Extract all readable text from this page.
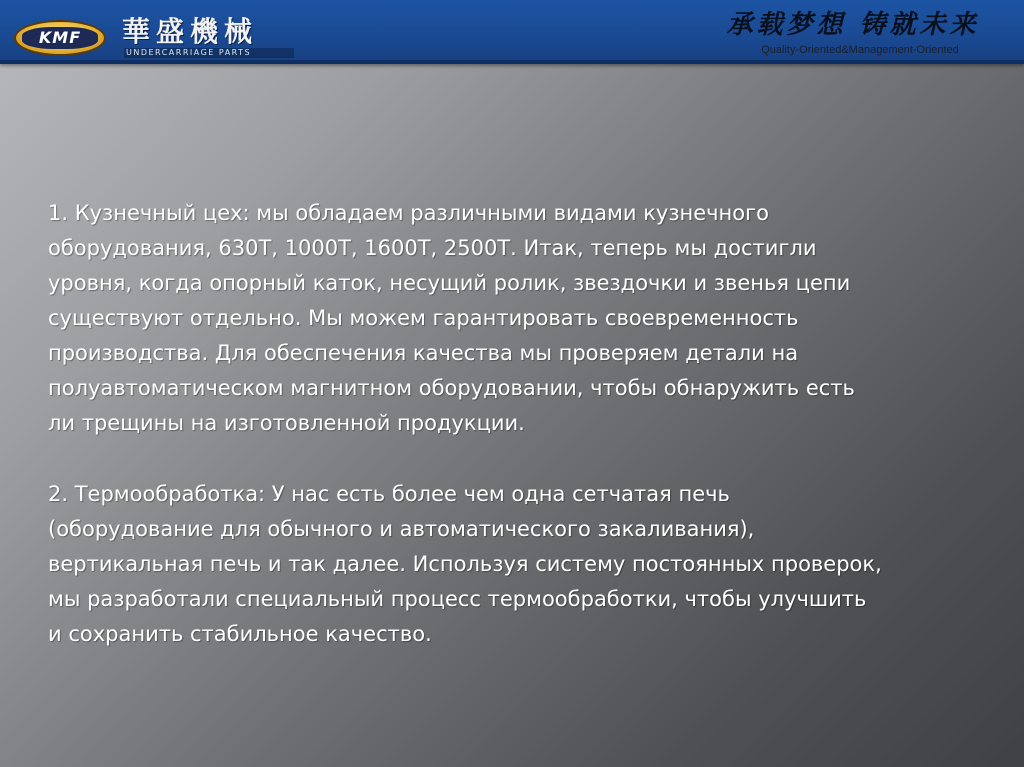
KMF	華盛機械
UNDERCARRIAGE PARTS
承载梦想 铸就未来
Quality-Oriented&Management-Oriented

1. Кузнечный цех: мы обладаем различными видами кузнечного
оборудования, 630Т, 1000Т, 1600Т, 2500Т. Итак, теперь мы достигли
уровня, когда опорный каток, несущий ролик, звездочки и звенья цепи
существуют отдельно. Мы можем гарантировать своевременность
производства. Для обеспечения качества мы проверяем детали на
полуавтоматическом магнитном оборудовании, чтобы обнаружить есть
ли трещины на изготовленной продукции.

2. Термообработка: У нас есть более чем одна сетчатая печь
(оборудование для обычного и автоматического закаливания),
вертикальная печь и так далее. Используя систему постоянных проверок,
мы разработали специальный процесс термообработки, чтобы улучшить
и сохранить стабильное качество.
